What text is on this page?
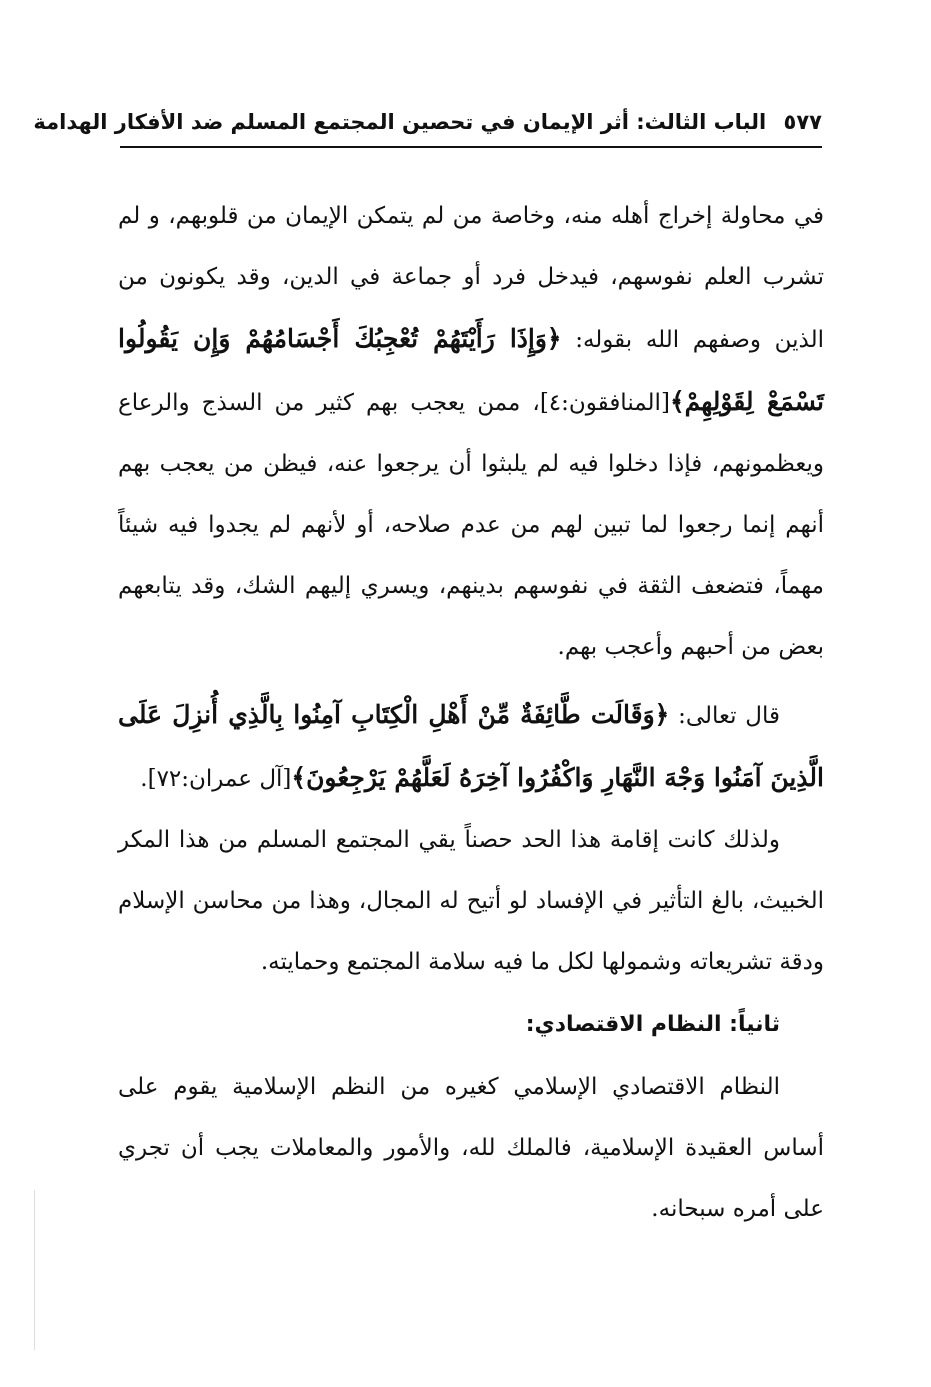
٥٧٧ الباب الثالث: أثر الإيمان في تحصين المجتمع المسلم ضد الأفكار الهدامة

في محاولة إخراج أهله منه، وخاصة من لم يتمكن الإيمان من قلوبهم، و لم تشرب العلم نفوسهم، فيدخل فرد أو جماعة في الدين، وقد يكونون من الذين وصفهم الله بقوله: ﴿وَإِذَا رَأَيْتَهُمْ تُعْجِبُكَ أَجْسَامُهُمْ وَإِن يَقُولُوا تَسْمَعْ لِقَوْلِهِمْ﴾[المنافقون:٤]، ممن يعجب بهم كثير من السذج والرعاع ويعظمونهم، فإذا دخلوا فيه لم يلبثوا أن يرجعوا عنه، فيظن من يعجب بهم أنهم إنما رجعوا لما تبين لهم من عدم صلاحه، أو لأنهم لم يجدوا فيه شيئاً مهماً، فتضعف الثقة في نفوسهم بدينهم، ويسري إليهم الشك، وقد يتابعهم بعض من أحبهم وأعجب بهم.

قال تعالى: ﴿وَقَالَت طَّائِفَةٌ مِّنْ أَهْلِ الْكِتَابِ آمِنُوا بِالَّذِي أُنزِلَ عَلَى الَّذِينَ آمَنُوا وَجْهَ النَّهَارِ وَاكْفُرُوا آخِرَهُ لَعَلَّهُمْ يَرْجِعُونَ﴾[آل عمران:٧٢].

ولذلك كانت إقامة هذا الحد حصناً يقي المجتمع المسلم من هذا المكر الخبيث، بالغ التأثير في الإفساد لو أتيح له المجال، وهذا من محاسن الإسلام ودقة تشريعاته وشمولها لكل ما فيه سلامة المجتمع وحمايته.

ثانياً: النظام الاقتصادي:

النظام الاقتصادي الإسلامي كغيره من النظم الإسلامية يقوم على أساس العقيدة الإسلامية، فالملك لله، والأمور والمعاملات يجب أن تجري على أمره سبحانه.
